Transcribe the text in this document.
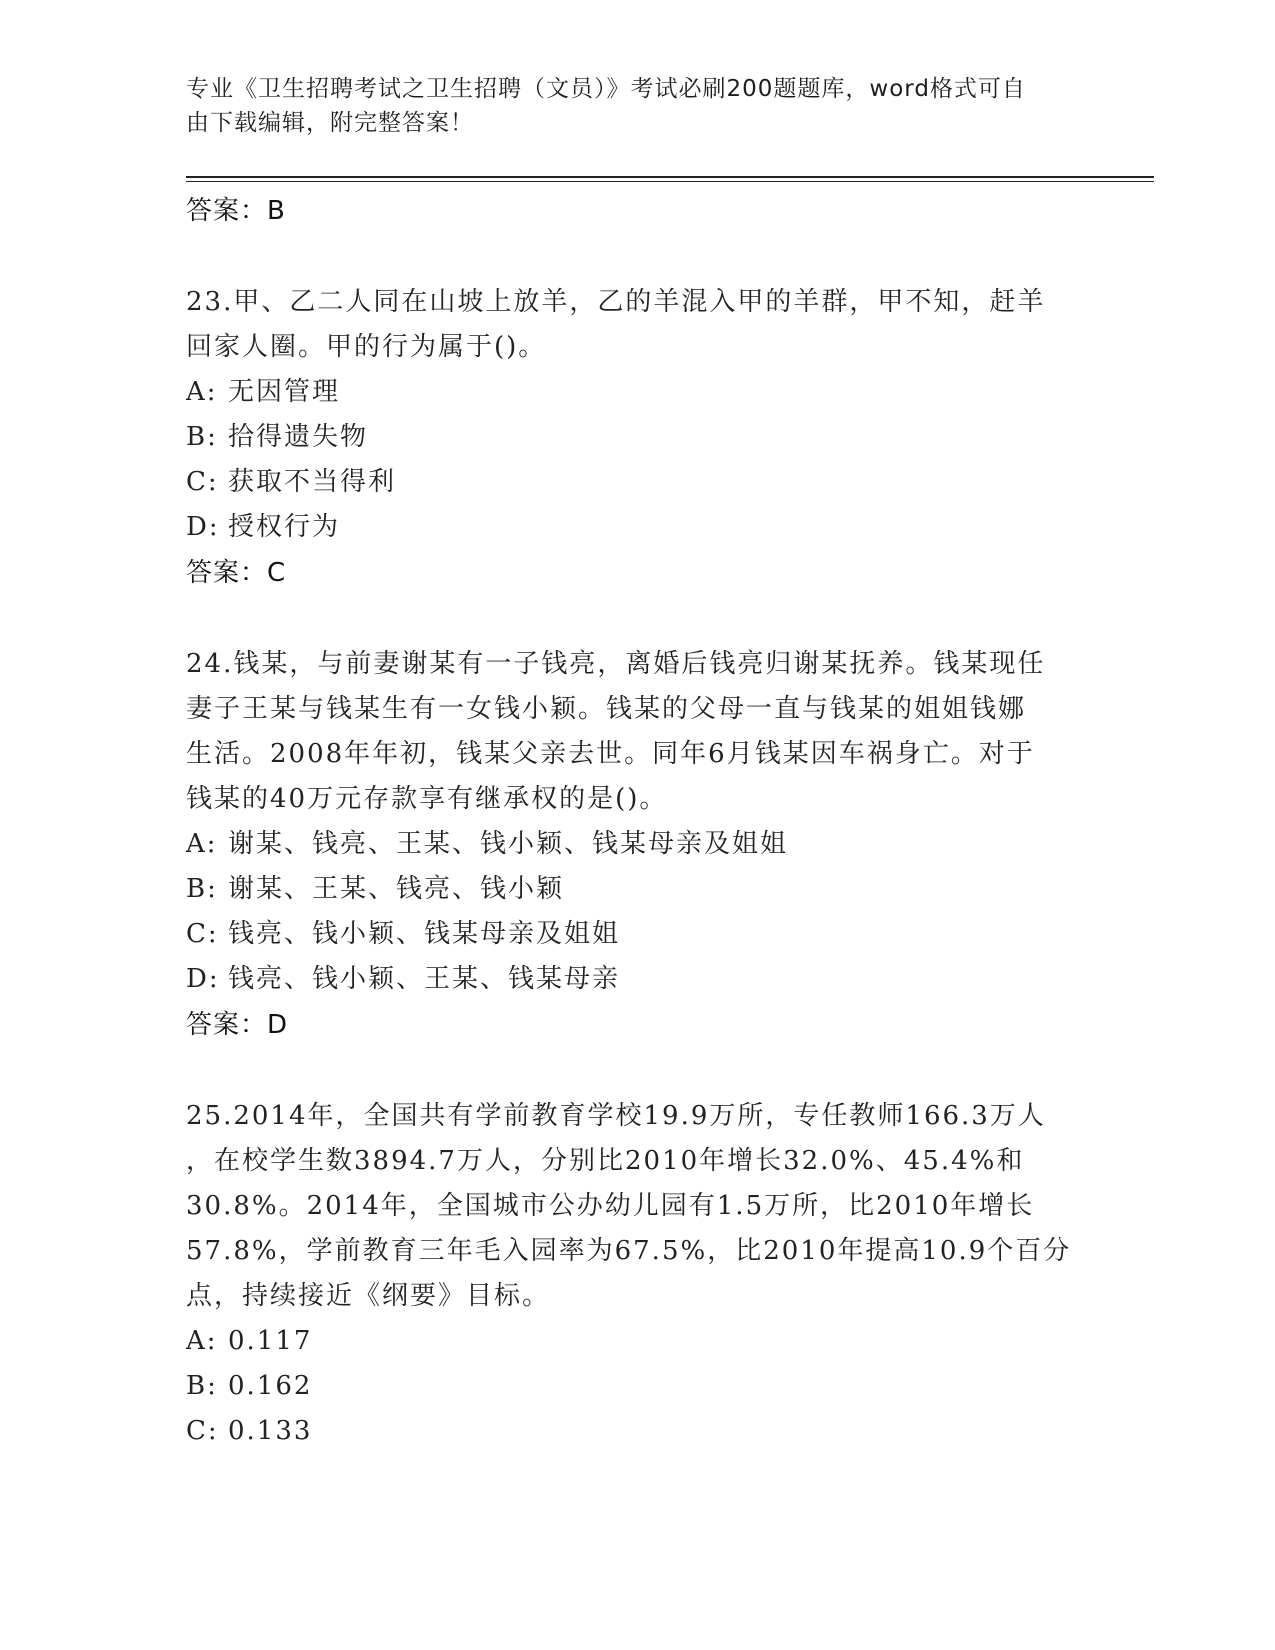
专业《卫生招聘考试之卫生招聘（文员）》考试必刷200题题库，word格式可自
由下载编辑，附完整答案！
答案：B
23.甲、乙二人同在山坡上放羊，乙的羊混入甲的羊群，甲不知，赶羊
回家人圈。甲的行为属于()。
A: 无因管理
B: 拾得遗失物
C: 获取不当得利
D: 授权行为
答案：C
24.钱某，与前妻谢某有一子钱亮，离婚后钱亮归谢某抚养。钱某现任
妻子王某与钱某生有一女钱小颖。钱某的父母一直与钱某的姐姐钱娜
生活。2008年年初，钱某父亲去世。同年6月钱某因车祸身亡。对于
钱某的40万元存款享有继承权的是()。
A: 谢某、钱亮、王某、钱小颖、钱某母亲及姐姐
B: 谢某、王某、钱亮、钱小颖
C: 钱亮、钱小颖、钱某母亲及姐姐
D: 钱亮、钱小颖、王某、钱某母亲
答案：D
25.2014年，全国共有学前教育学校19.9万所，专任教师166.3万人
，在校学生数3894.7万人，分别比2010年增长32.0%、45.4%和
30.8%。2014年，全国城市公办幼儿园有1.5万所，比2010年增长
57.8%，学前教育三年毛入园率为67.5%，比2010年提高10.9个百分
点，持续接近《纲要》目标。
A: 0.117
B: 0.162
C: 0.133
